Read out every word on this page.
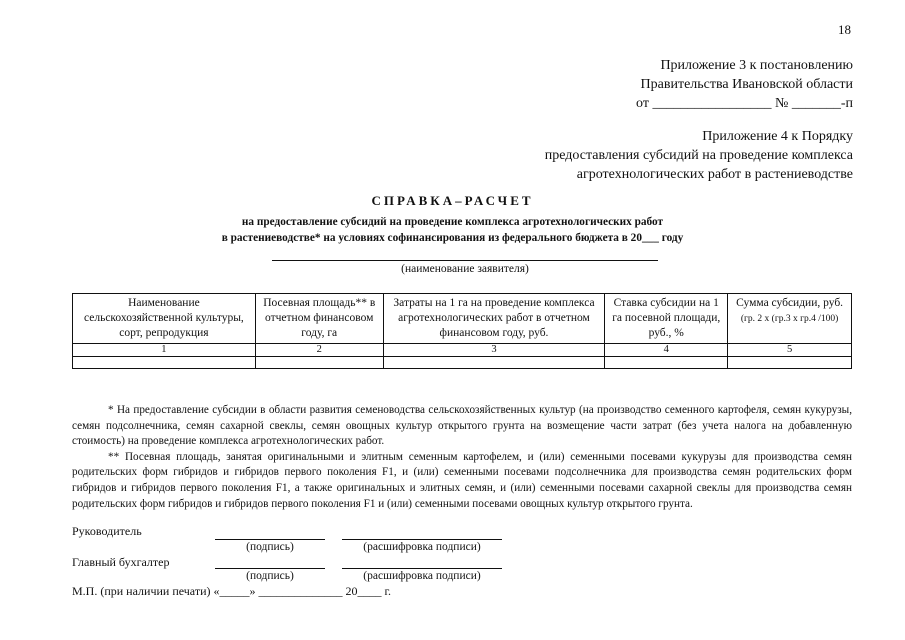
18
Приложение 3 к постановлению
Правительства Ивановской области
от _________________ № _______-п
Приложение 4 к Порядку
предоставления субсидий на проведение комплекса
агротехнологических работ в растениеводстве
СПРАВКА–РАСЧЕТ
на предоставление субсидий на проведение комплекса агротехнологических работ
в растениеводстве* на условиях софинансирования из федерального бюджета в 20___ году
(наименование заявителя)
Наименование сельскохозяйственной культуры, сорт, репродукция	Посевная площадь** в отчетном финансовом году, га	Затраты на 1 га на проведение комплекса агротехнологических работ в отчетном финансовом году, руб.	Ставка субсидии на 1 га посевной площади, руб., %	Сумма субсидии, руб.
(гр. 2 х (гр.3 х гр.4 /100)
1	2	3	4	5

* На предоставление субсидии в области развития семеноводства сельскохозяйственных культур (на производство семенного картофеля, семян кукурузы, семян подсолнечника, семян сахарной свеклы, семян овощных культур открытого грунта на возмещение части затрат (без учета налога на добавленную стоимость) на проведение комплекса агротехнологических работ.

** Посевная площадь, занятая оригинальными и элитным семенным картофелем, и (или) семенными посевами кукурузы для производства семян родительских форм гибридов и гибридов первого поколения F1, и (или) семенными посевами подсолнечника для производства семян родительских форм гибридов и гибридов первого поколения F1, а также оригинальных и элитных семян, и (или) семенными посевами сахарной свеклы для производства семян родительских форм гибридов и гибридов первого поколения F1 и (или) семенными посевами овощных культур открытого грунта.

Руководитель
(подпись)	(расшифровка подписи)
Главный бухгалтер
(подпись)	(расшифровка подписи)
М.П. (при наличии печати) «_____» ______________ 20____ г.
